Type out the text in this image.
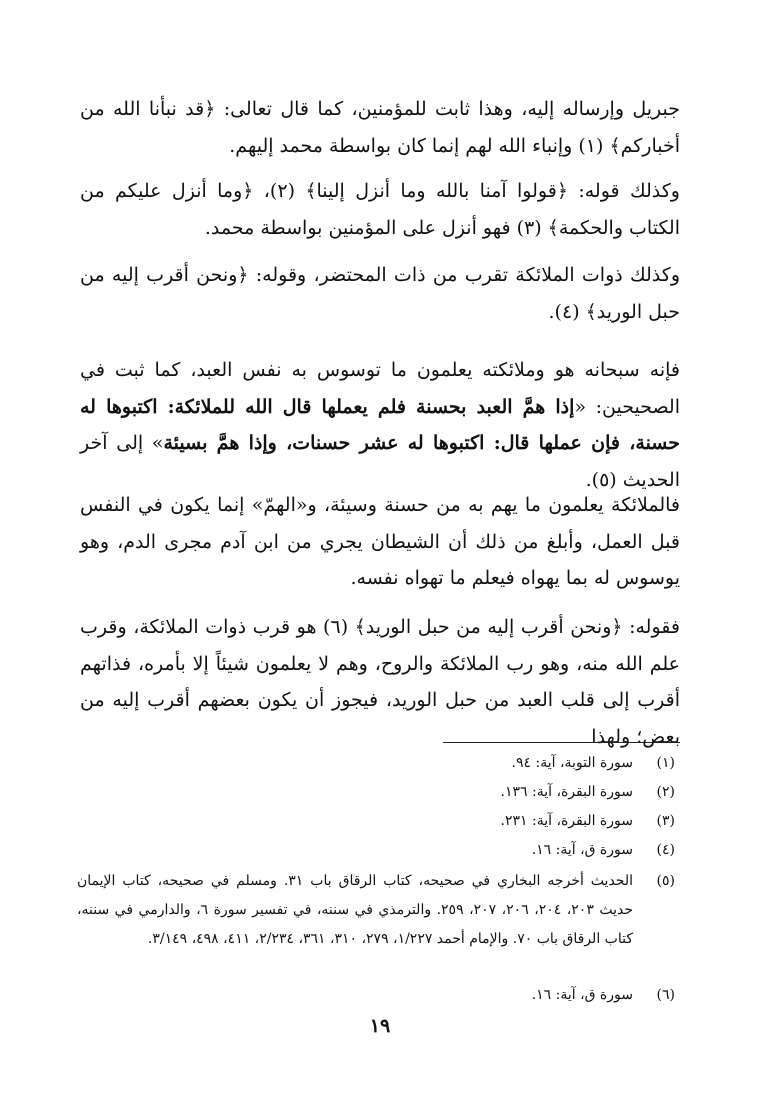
جبريل وإرساله إليه، وهذا ثابت للمؤمنين، كما قال تعالى: ﴿قد نبأنا الله من أخباركم﴾ (١) وإنباء الله لهم إنما كان بواسطة محمد إليهم.

وكذلك قوله: ﴿قولوا آمنا بالله وما أنزل إلينا﴾ (٢)، ﴿وما أنزل عليكم من الكتاب والحكمة﴾ (٣) فهو أنزل على المؤمنين بواسطة محمد.

وكذلك ذوات الملائكة تقرب من ذات المحتضر، وقوله: ﴿ونحن أقرب إليه من حبل الوريد﴾ (٤).

فإنه سبحانه هو وملائكته يعلمون ما توسوس به نفس العبد، كما ثبت في الصحيحين: «إذا همَّ العبد بحسنة فلم يعملها قال الله للملائكة: اكتبوها له حسنة، فإن عملها قال: اكتبوها له عشر حسنات، وإذا همَّ بسيئة» إلى آخر الحديث (٥).

فالملائكة يعلمون ما يهم به من حسنة وسيئة، و«الهمّ» إنما يكون في النفس قبل العمل، وأبلغ من ذلك أن الشيطان يجري من ابن آدم مجرى الدم، وهو يوسوس له بما يهواه فيعلم ما تهواه نفسه.

فقوله: ﴿ونحن أقرب إليه من حبل الوريد﴾ (٦) هو قرب ذوات الملائكة، وقرب علم الله منه، وهو رب الملائكة والروح، وهم لا يعلمون شيئاً إلا بأمره، فذاتهم أقرب إلى قلب العبد من حبل الوريد، فيجوز أن يكون بعضهم أقرب إليه من بعض؛ ولهذا

(١)سورة التوبة، آية: ٩٤.
(٢)سورة البقرة، آية: ١٣٦.
(٣)سورة البقرة، آية: ٢٣١.
(٤)سورة ق، آية: ١٦.
(٥)الحديث أخرجه البخاري في صحيحه، كتاب الرقاق باب ٣١. ومسلم في صحيحه، كتاب الإيمان حديث ٢٠٣، ٢٠٤، ٢٠٦، ٢٠٧، ٢٥٩. والترمذي في سننه، في تفسير سورة ٦، والدارمي في سننه، كتاب الرقاق باب ٧٠. والإمام أحمد ١/٢٢٧، ٢٧٩، ٣١٠، ٣٦١، ٢/٢٣٤، ٤١١، ٤٩٨، ٣/١٤٩.
(٦)سورة ق، آية: ١٦.
١٩
